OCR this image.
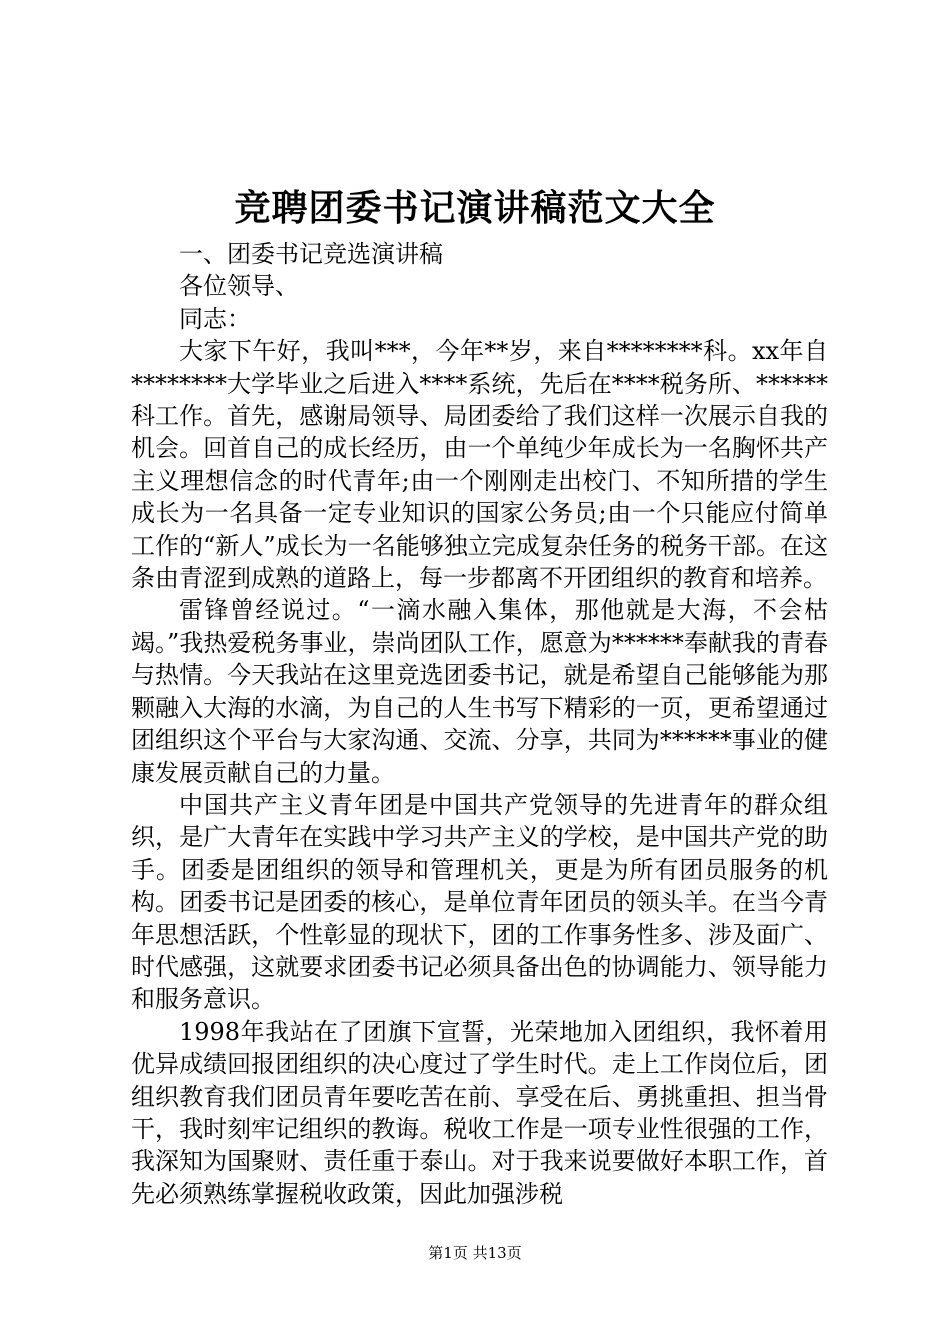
竞聘团委书记演讲稿范文大全

一、团委书记竞选演讲稿

各位领导、

同志：

大家下午好，我叫***，今年**岁，来自********科。xx年自********大学毕业之后进入****系统，先后在****税务所、******科工作。首先，感谢局领导、局团委给了我们这样一次展示自我的机会。回首自己的成长经历，由一个单纯少年成长为一名胸怀共产主义理想信念的时代青年;由一个刚刚走出校门、不知所措的学生成长为一名具备一定专业知识的国家公务员;由一个只能应付简单工作的“新人”成长为一名能够独立完成复杂任务的税务干部。在这条由青涩到成熟的道路上，每一步都离不开团组织的教育和培养。

雷锋曾经说过。“一滴水融入集体，那他就是大海，不会枯竭。”我热爱税务事业，崇尚团队工作，愿意为******奉献我的青春与热情。今天我站在这里竞选团委书记，就是希望自己能够能为那颗融入大海的水滴，为自己的人生书写下精彩的一页，更希望通过团组织这个平台与大家沟通、交流、分享，共同为******事业的健康发展贡献自己的力量。

中国共产主义青年团是中国共产党领导的先进青年的群众组织，是广大青年在实践中学习共产主义的学校，是中国共产党的助手。团委是团组织的领导和管理机关，更是为所有团员服务的机构。团委书记是团委的核心，是单位青年团员的领头羊。在当今青年思想活跃，个性彰显的现状下，团的工作事务性多、涉及面广、时代感强，这就要求团委书记必须具备出色的协调能力、领导能力和服务意识。

1998年我站在了团旗下宣誓，光荣地加入团组织，我怀着用优异成绩回报团组织的决心度过了学生时代。走上工作岗位后，团组织教育我们团员青年要吃苦在前、享受在后、勇挑重担、担当骨干，我时刻牢记组织的教诲。税收工作是一项专业性很强的工作，我深知为国聚财、责任重于泰山。对于我来说要做好本职工作，首先必须熟练掌握税收政策，因此加强涉税

第1页 共13页
